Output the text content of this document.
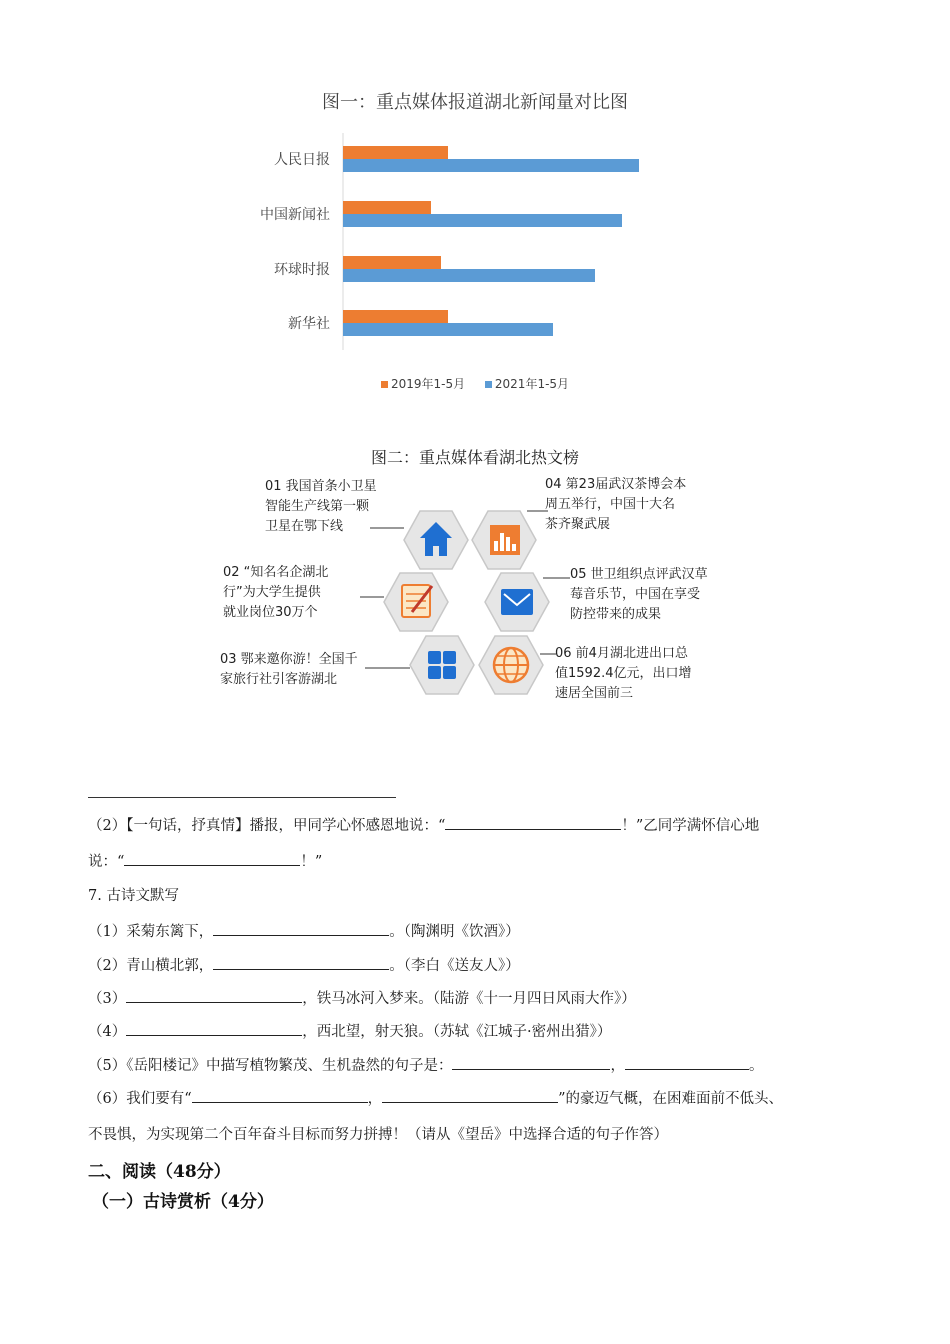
图一：重点媒体报道湖北新闻量对比图
人民日报
中国新闻社
环球时报
新华社
2019年1-5月 2021年1-5月
图二：重点媒体看湖北热文榜
01 我国首条小卫星
智能生产线第一颗
卫星在鄂下线
02 “知名名企湖北
行”为大学生提供
就业岗位30万个
03 鄂来邀你游！全国千
家旅行社引客游湖北
04 第23届武汉茶博会本
周五举行，中国十大名
茶齐聚武展
05 世卫组织点评武汉草
莓音乐节，中国在享受
防控带来的成果
06 前4月湖北进出口总
值1592.4亿元，出口增
速居全国前三
（2）【一句话，抒真情】播报，甲同学心怀感恩地说：“	！”乙同学满怀信心地
说：“	！”
7. 古诗文默写
（1）采菊东篱下，	。（陶渊明《饮酒》）
（2）青山横北郭，	。（李白《送友人》）
（3）	，铁马冰河入梦来。（陆游《十一月四日风雨大作》）
（4）	，西北望，射天狼。（苏轼《江城子·密州出猎》）
（5）《岳阳楼记》中描写植物繁茂、生机盎然的句子是：	，	。
（6）我们要有“	，	”的豪迈气概，在困难面前不低头、
不畏惧，为实现第二个百年奋斗目标而努力拼搏！（请从《望岳》中选择合适的句子作答）
二、阅读（48分）
（一）古诗赏析（4分）
